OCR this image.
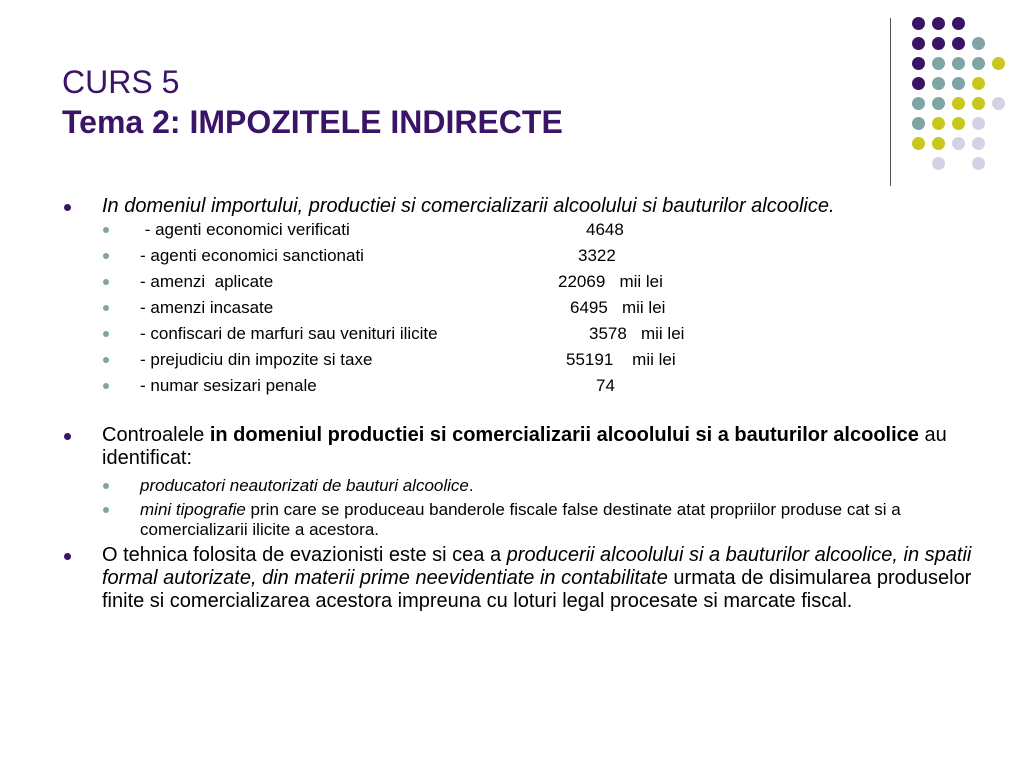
CURS 5
Tema 2: IMPOZITELE INDIRECTE
In domeniul importului, productiei si comercializarii alcoolului si bauturilor alcoolice.
- agenti economici verificati	4648
- agenti economici sanctionati	3322
- amenzi  aplicate	22069   mii lei
- amenzi incasate	6495   mii lei
- confiscari de marfuri sau venituri ilicite	3578   mii lei
- prejudiciu din impozite si taxe	55191    mii lei
- numar sesizari penale	74
Controalele in domeniul productiei si comercializarii alcoolului si a bauturilor alcoolice au identificat:
producatori neautorizati de bauturi alcoolice.
mini tipografie prin care se produceau banderole fiscale false destinate atat propriilor produse cat si a comercializarii ilicite a acestora.
O tehnica folosita de evazionisti este si cea a producerii alcoolului si a bauturilor alcoolice, in spatii formal autorizate, din materii prime neevidentiate in contabilitate urmata de disimularea produselor finite si comercializarea acestora impreuna cu loturi legal procesate si marcate fiscal.
